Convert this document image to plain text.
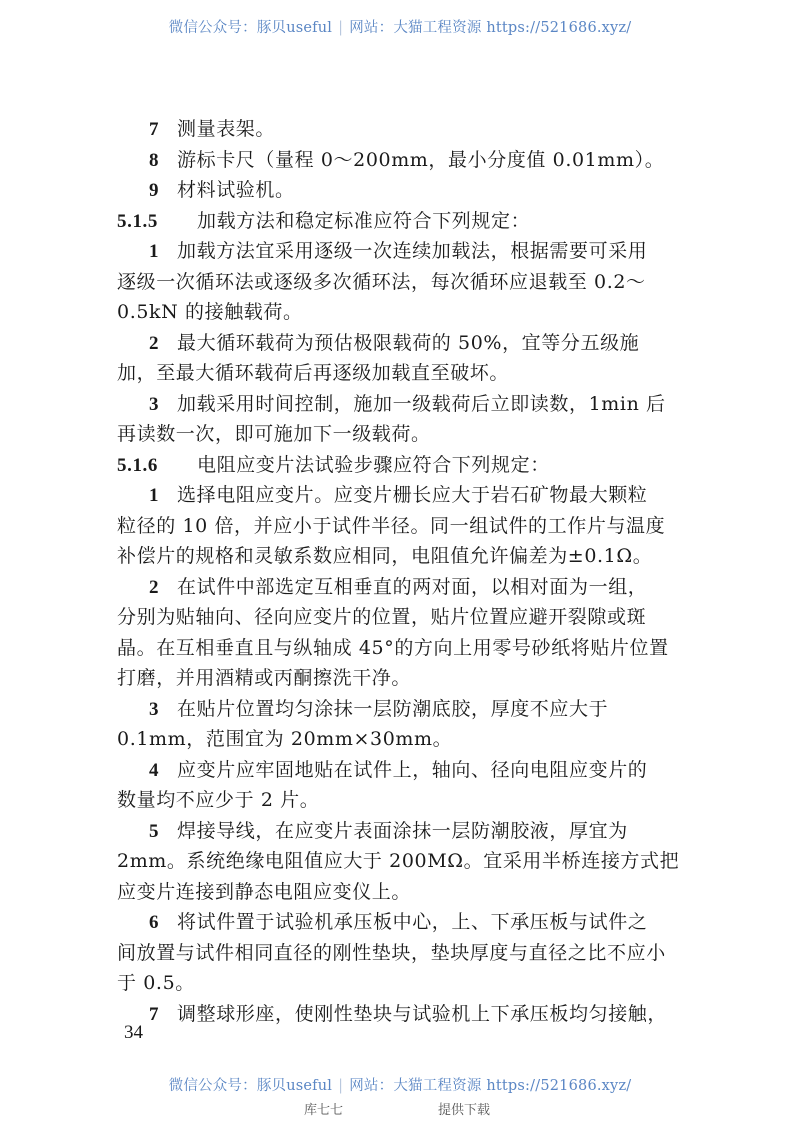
微信公众号：豚贝useful | 网站：大猫工程资源 https://521686.xyz/
7 测量表架。
8 游标卡尺（量程 0～200mm，最小分度值 0.01mm）。
9 材料试验机。
5.1.5 加载方法和稳定标准应符合下列规定：
1 加载方法宜采用逐级一次连续加载法，根据需要可采用
逐级一次循环法或逐级多次循环法，每次循环应退载至 0.2～
0.5kN 的接触载荷。
2 最大循环载荷为预估极限载荷的 50%，宜等分五级施
加，至最大循环载荷后再逐级加载直至破坏。
3 加载采用时间控制，施加一级载荷后立即读数，1min 后
再读数一次，即可施加下一级载荷。
5.1.6 电阻应变片法试验步骤应符合下列规定：
1 选择电阻应变片。应变片栅长应大于岩石矿物最大颗粒
粒径的 10 倍，并应小于试件半径。同一组试件的工作片与温度
补偿片的规格和灵敏系数应相同，电阻值允许偏差为±0.1Ω。
2 在试件中部选定互相垂直的两对面，以相对面为一组，
分别为贴轴向、径向应变片的位置，贴片位置应避开裂隙或斑
晶。在互相垂直且与纵轴成 45°的方向上用零号砂纸将贴片位置
打磨，并用酒精或丙酮擦洗干净。
3 在贴片位置均匀涂抹一层防潮底胶，厚度不应大于
0.1mm，范围宜为 20mm×30mm。
4 应变片应牢固地贴在试件上，轴向、径向电阻应变片的
数量均不应少于 2 片。
5 焊接导线，在应变片表面涂抹一层防潮胶液，厚宜为
2mm。系统绝缘电阻值应大于 200MΩ。宜采用半桥连接方式把
应变片连接到静态电阻应变仪上。
6 将试件置于试验机承压板中心，上、下承压板与试件之
间放置与试件相同直径的刚性垫块，垫块厚度与直径之比不应小
于 0.5。
7 调整球形座，使刚性垫块与试验机上下承压板均匀接触，
34
微信公众号：豚贝useful | 网站：大猫工程资源 https://521686.xyz/
库七七	提供下载
